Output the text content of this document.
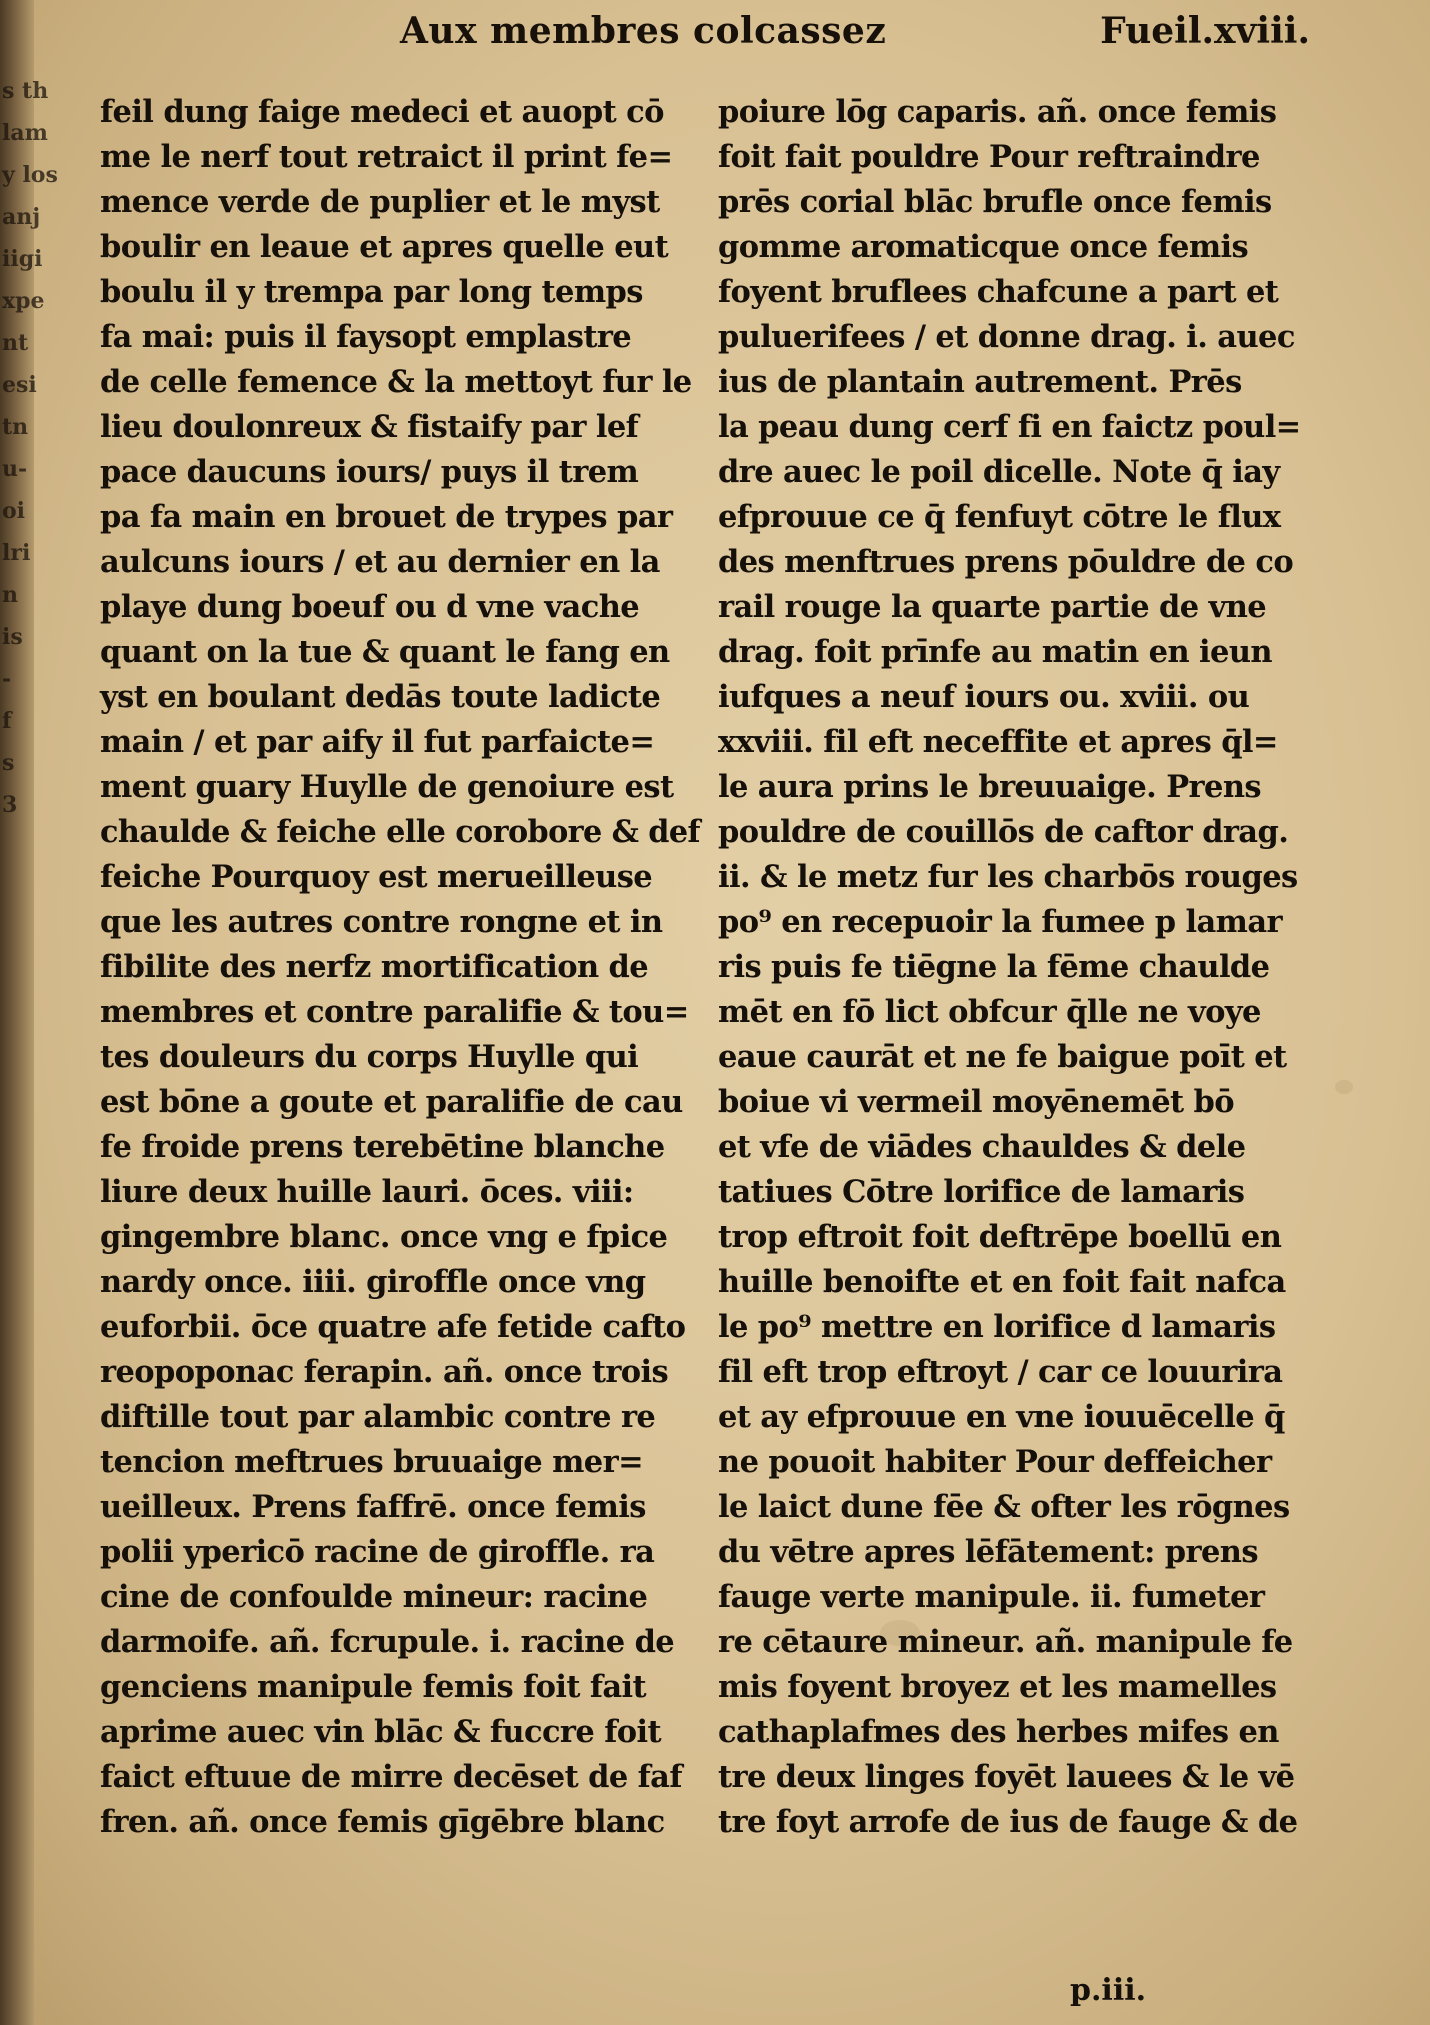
s th
lam
y los
anj
iigi
xpe
nt
esi
tn
u-
oi
lri
n
is
-
f
s
3
Aux membres colcassez	Fueil.xviii.
feil dung faige medeci et auopt cō
me le nerf tout retraict il print fe=
mence verde de puplier et le myst
boulir en leaue et apres quelle eut
boulu il y trempa par long temps
fa mai: puis il faysopt emplastre
de celle femence & la mettoyt fur le
lieu doulonreux & fistaify par lef
pace daucuns iours/ puys il trem
pa fa main en brouet de trypes par
aulcuns iours / et au dernier en la
playe dung boeuf ou d vne vache
quant on la tue & quant le fang en
yst en boulant dedās toute ladicte
main / et par aify il fut parfaicte=
ment guary Huylle de genoiure est
chaulde & feiche elle corobore & def
feiche Pourquoy est merueilleuse
que les autres contre rongne et in
fibilite des nerfz mortification de
membres et contre paralifie & tou=
tes douleurs du corps Huylle qui
est bōne a goute et paralifie de cau
fe froide prens terebētine blanche
liure deux huille lauri. ōces. viii:
gingembre blanc. once vng e fpice
nardy once. iiii. giroffle once vng
euforbii. ōce quatre afe fetide cafto
reopoponac ferapin. añ. once trois
diftille tout par alambic contre re
tencion meftrues bruuaige mer=
ueilleux. Prens faffrē. once femis
polii ypericō racine de giroffle. ra
cine de confoulde mineur: racine
darmoife. añ. fcrupule. i. racine de
genciens manipule femis foit fait
aprime auec vin blāc & fuccre foit
faict eftuue de mirre decēset de faf
fren. añ. once femis gīgēbre blanc
poiure lōg caparis. añ. once femis
foit fait pouldre Pour reftraindre
prēs corial blāc brufle once femis
gomme aromaticque once femis
foyent bruflees chafcune a part et
puluerifees / et donne drag. i. auec
ius de plantain autrement. Prēs
la peau dung cerf fi en faictz poul=
dre auec le poil dicelle. Note q̄ iay
efprouue ce q̄ fenfuyt cōtre le flux
des menftrues prens pōuldre de co
rail rouge la quarte partie de vne
drag. foit prīnfe au matin en ieun
iufques a neuf iours ou. xviii. ou
xxviii. fil eft neceffite et apres q̄l=
le aura prins le breuuaige. Prens
pouldre de couillōs de caftor drag.
ii. & le metz fur les charbōs rouges
po⁹ en recepuoir la fumee p lamar
ris puis fe tiēgne la fēme chaulde
mēt en fō lict obfcur q̄lle ne voye
eaue caurāt et ne fe baigue poīt et
boiue vi vermeil moyēnemēt bō
et vfe de viādes chauldes & dele
tatiues Cōtre lorifice de lamaris
trop eftroit foit deftrēpe boellū en
huille benoifte et en foit fait nafca
le po⁹ mettre en lorifice d lamaris
fil eft trop eftroyt / car ce louurira
et ay efprouue en vne iouuēcelle q̄
ne pouoit habiter Pour deffeicher
le laict dune fēe & ofter les rōgnes
du vētre apres lēfātement: prens
fauge verte manipule. ii. fumeter
re cētaure mineur. añ. manipule fe
mis foyent broyez et les mamelles
cathaplafmes des herbes mifes en
tre deux linges foyēt lauees & le vē
tre foyt arrofe de ius de fauge & de
p.iii.
